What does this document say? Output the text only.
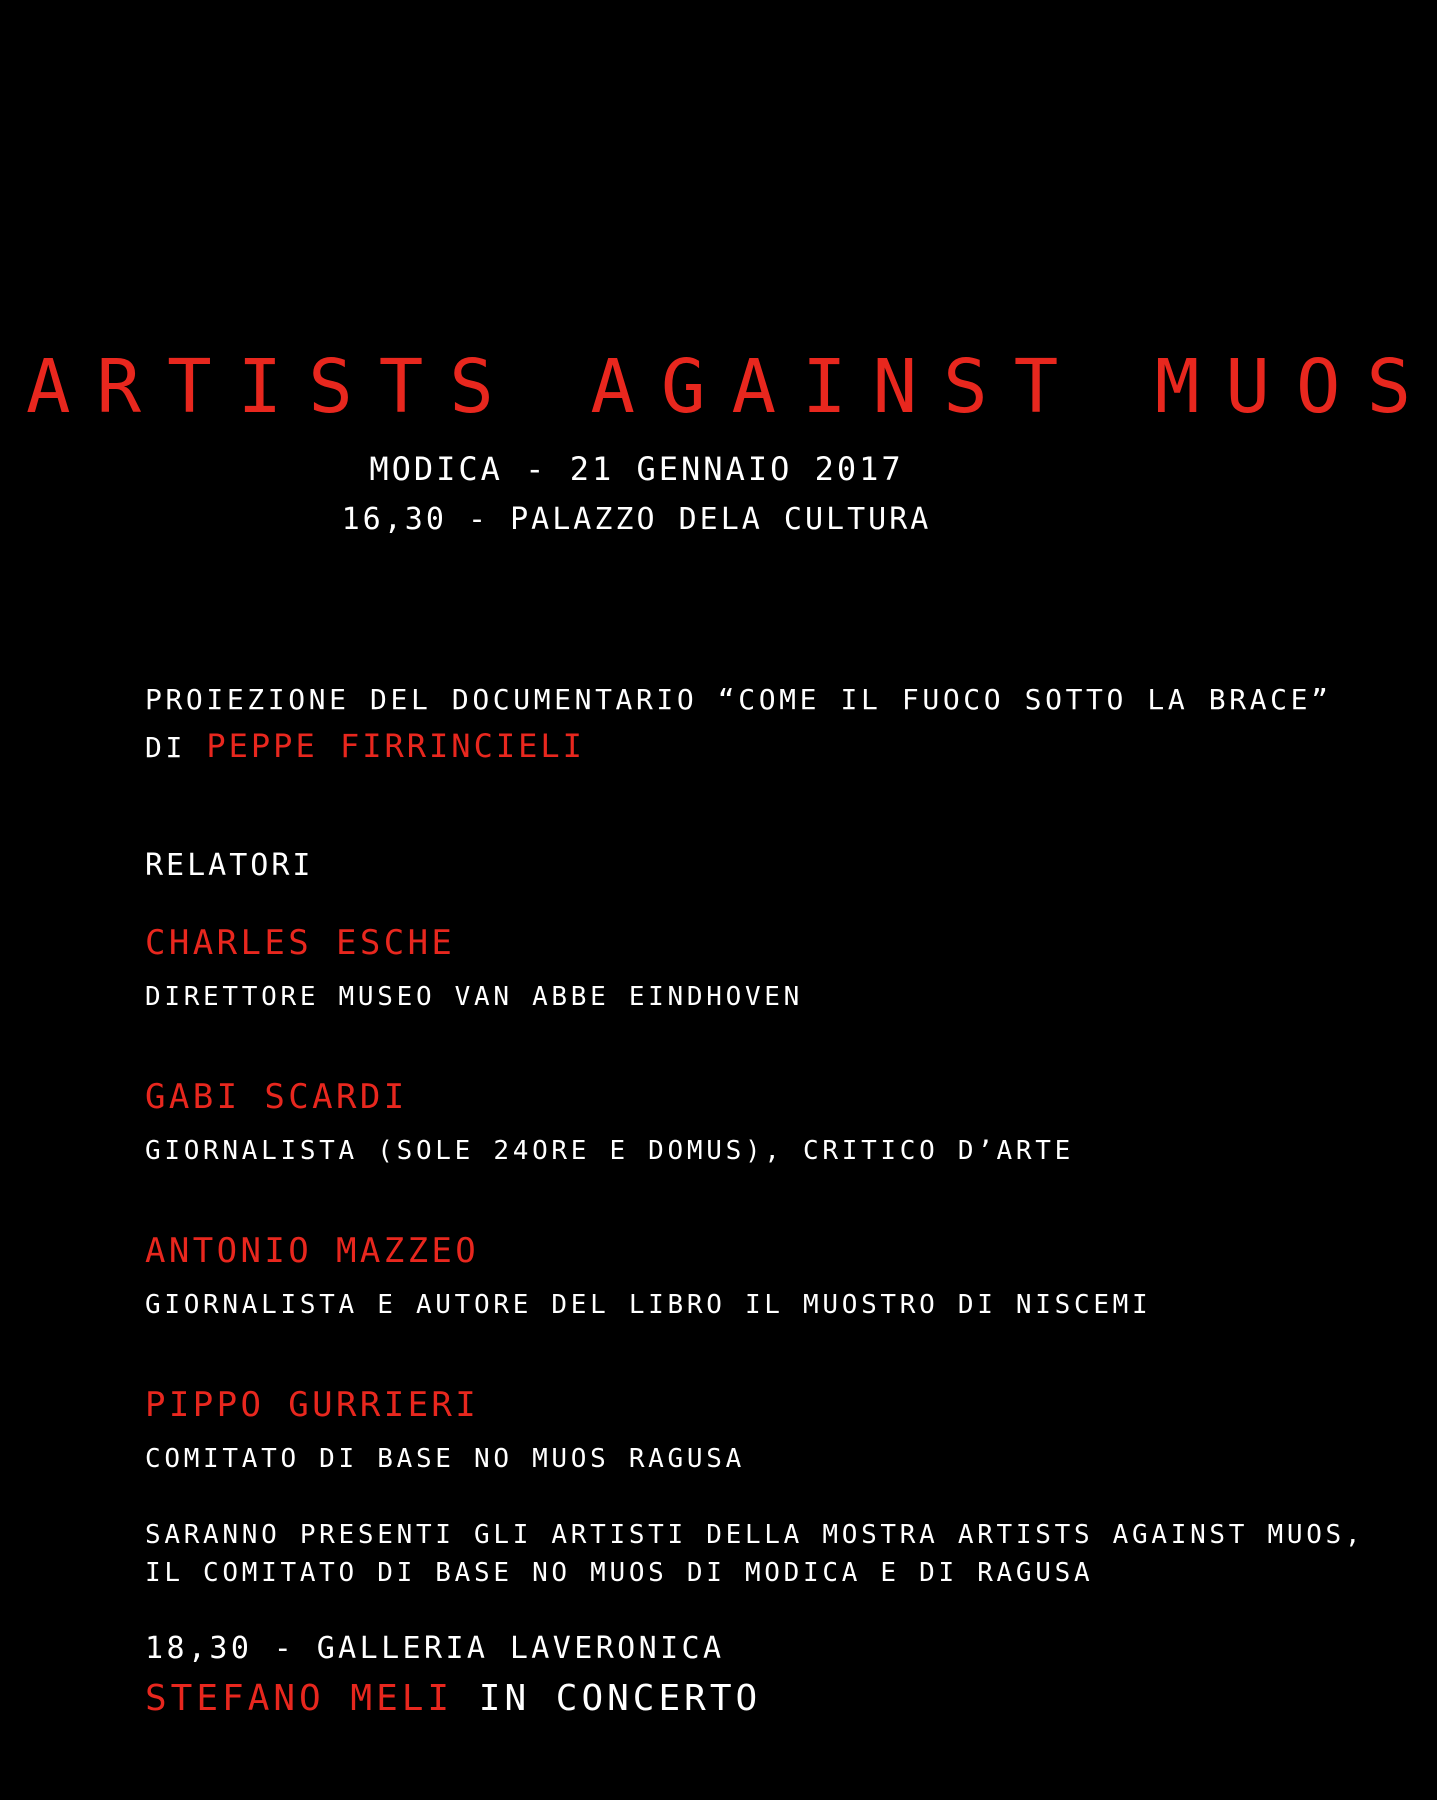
ARTISTS AGAINST MUOS
MODICA - 21 GENNAIO 2017
16,30 - PALAZZO DELA CULTURA
PROIEZIONE DEL DOCUMENTARIO “COME IL FUOCO SOTTO LA BRACE”
DI PEPPE FIRRINCIELI
RELATORI
CHARLES ESCHE
DIRETTORE MUSEO VAN ABBE EINDHOVEN
GABI SCARDI
GIORNALISTA (SOLE 24ORE E DOMUS), CRITICO D’ARTE
ANTONIO MAZZEO
GIORNALISTA E AUTORE DEL LIBRO IL MUOSTRO DI NISCEMI
PIPPO GURRIERI
COMITATO DI BASE NO MUOS RAGUSA
SARANNO PRESENTI GLI ARTISTI DELLA MOSTRA ARTISTS AGAINST MUOS,
IL COMITATO DI BASE NO MUOS DI MODICA E DI RAGUSA
18,30 - GALLERIA LAVERONICA
STEFANO MELI IN CONCERTO
